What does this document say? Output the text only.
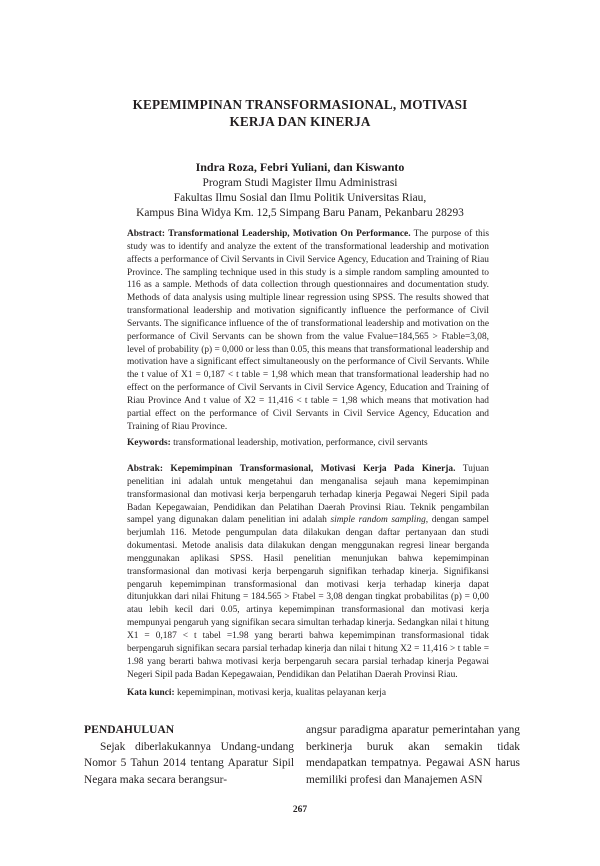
KEPEMIMPINAN TRANSFORMASIONAL, MOTIVASI
KERJA DAN KINERJA
Indra Roza, Febri Yuliani, dan Kiswanto
Program Studi Magister Ilmu Administrasi
Fakultas Ilmu Sosial dan Ilmu Politik Universitas Riau,
Kampus Bina Widya Km. 12,5 Simpang Baru Panam, Pekanbaru 28293
Abstract: Transformational Leadership, Motivation On Performance. The purpose of this study was to identify and analyze the extent of the transformational leadership and motivation affects a performance of Civil Servants in Civil Service Agency, Education and Training of Riau Province. The sampling technique used in this study is a simple random sampling amounted to 116 as a sample. Methods of data collection through questionnaires and documentation study. Methods of data analysis using multiple linear regression using SPSS. The results showed that transformational leadership and motivation significantly influence the performance of Civil Servants. The significance influence of the of transformational leadership and motivation on the performance of Civil Servants can be shown from the value Fvalue=184,565 > Ftable=3,08, level of probability (p) = 0,000 or less than 0.05, this means that transformational leadership and motivation have a significant effect simultaneously on the performance of Civil Servants. While the t value of X1 = 0,187 < t table = 1,98 which mean that transformational leadership had no effect on the performance of Civil Servants in Civil Service Agency, Education and Training of Riau Province And t value of X2 = 11,416 < t table = 1,98 which means that motivation had partial effect on the performance of Civil Servants in Civil Service Agency, Education and Training of Riau Province.
Keywords: transformational leadership, motivation, performance, civil servants
Abstrak: Kepemimpinan Transformasional, Motivasi Kerja Pada Kinerja. Tujuan penelitian ini adalah untuk mengetahui dan menganalisa sejauh mana kepemimpinan transformasional dan motivasi kerja berpengaruh terhadap kinerja Pegawai Negeri Sipil pada Badan Kepegawaian, Pendidikan dan Pelatihan Daerah Provinsi Riau. Teknik pengambilan sampel yang digunakan dalam penelitian ini adalah simple random sampling, dengan sampel berjumlah 116. Metode pengumpulan data dilakukan dengan daftar pertanyaan dan studi dokumentasi. Metode analisis data dilakukan dengan menggunakan regresi linear berganda menggunakan aplikasi SPSS. Hasil penelitian menunjukan bahwa kepemimpinan transformasional dan motivasi kerja berpengaruh signifikan terhadap kinerja. Signifikansi pengaruh kepemimpinan transformasional dan motivasi kerja terhadap kinerja dapat ditunjukkan dari nilai Fhitung = 184.565 > Ftabel = 3,08 dengan tingkat probabilitas (p) = 0,00 atau lebih kecil dari 0.05, artinya kepemimpinan transformasional dan motivasi kerja mempunyai pengaruh yang signifikan secara simultan terhadap kinerja. Sedangkan nilai t hitung X1 = 0,187 < t tabel =1.98 yang berarti bahwa kepemimpinan transformasional tidak berpengaruh signifikan secara parsial terhadap kinerja dan nilai t hitung X2 = 11,416 > t table = 1.98 yang berarti bahwa motivasi kerja berpengaruh secara parsial terhadap kinerja Pegawai Negeri Sipil pada Badan Kepegawaian, Pendidikan dan Pelatihan Daerah Provinsi Riau.
Kata kunci: kepemimpinan, motivasi kerja, kualitas pelayanan kerja

PENDAHULUAN

Sejak diberlakukannya Undang-undang Nomor 5 Tahun 2014 tentang Aparatur Sipil Negara maka secara berangsur-

angsur paradigma aparatur pemerintahan yang berkinerja buruk akan semakin tidak mendapatkan tempatnya. Pegawai ASN harus memiliki profesi dan Manajemen ASN

267
